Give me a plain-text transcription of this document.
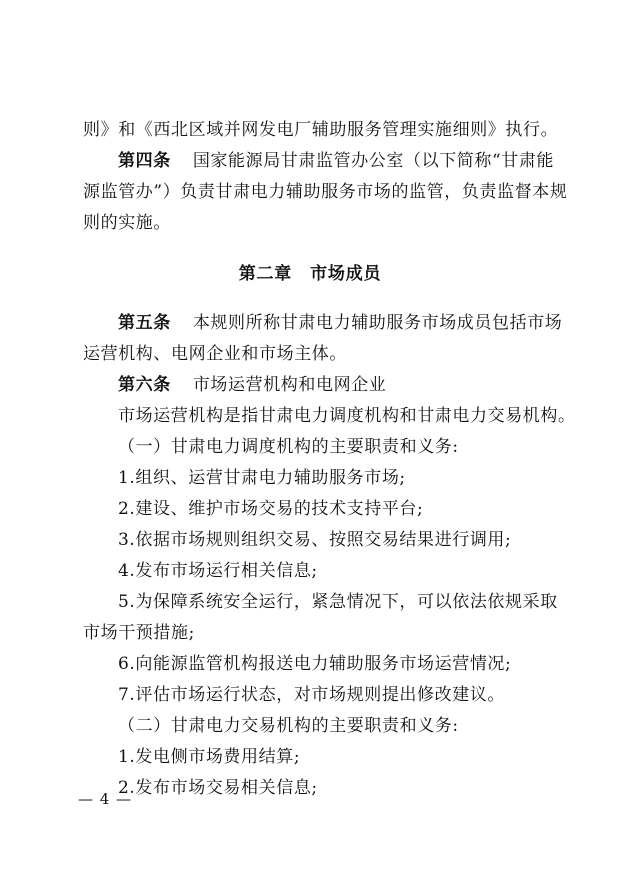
则》和《西北区域并网发电厂辅助服务管理实施细则》执行。
第四条 国家能源局甘肃监管办公室（以下简称“甘肃能
源监管办”）负责甘肃电力辅助服务市场的监管，负责监督本规
则的实施。
第二章 市场成员
第五条 本规则所称甘肃电力辅助服务市场成员包括市场
运营机构、电网企业和市场主体。
第六条 市场运营机构和电网企业
市场运营机构是指甘肃电力调度机构和甘肃电力交易机构。
（一）甘肃电力调度机构的主要职责和义务:
1.组织、运营甘肃电力辅助服务市场;
2.建设、维护市场交易的技术支持平台;
3.依据市场规则组织交易、按照交易结果进行调用;
4.发布市场运行相关信息;
5.为保障系统安全运行，紧急情况下，可以依法依规采取
市场干预措施;
6.向能源监管机构报送电力辅助服务市场运营情况;
7.评估市场运行状态，对市场规则提出修改建议。
（二）甘肃电力交易机构的主要职责和义务:
1.发电侧市场费用结算;
2.发布市场交易相关信息;
— 4 —
